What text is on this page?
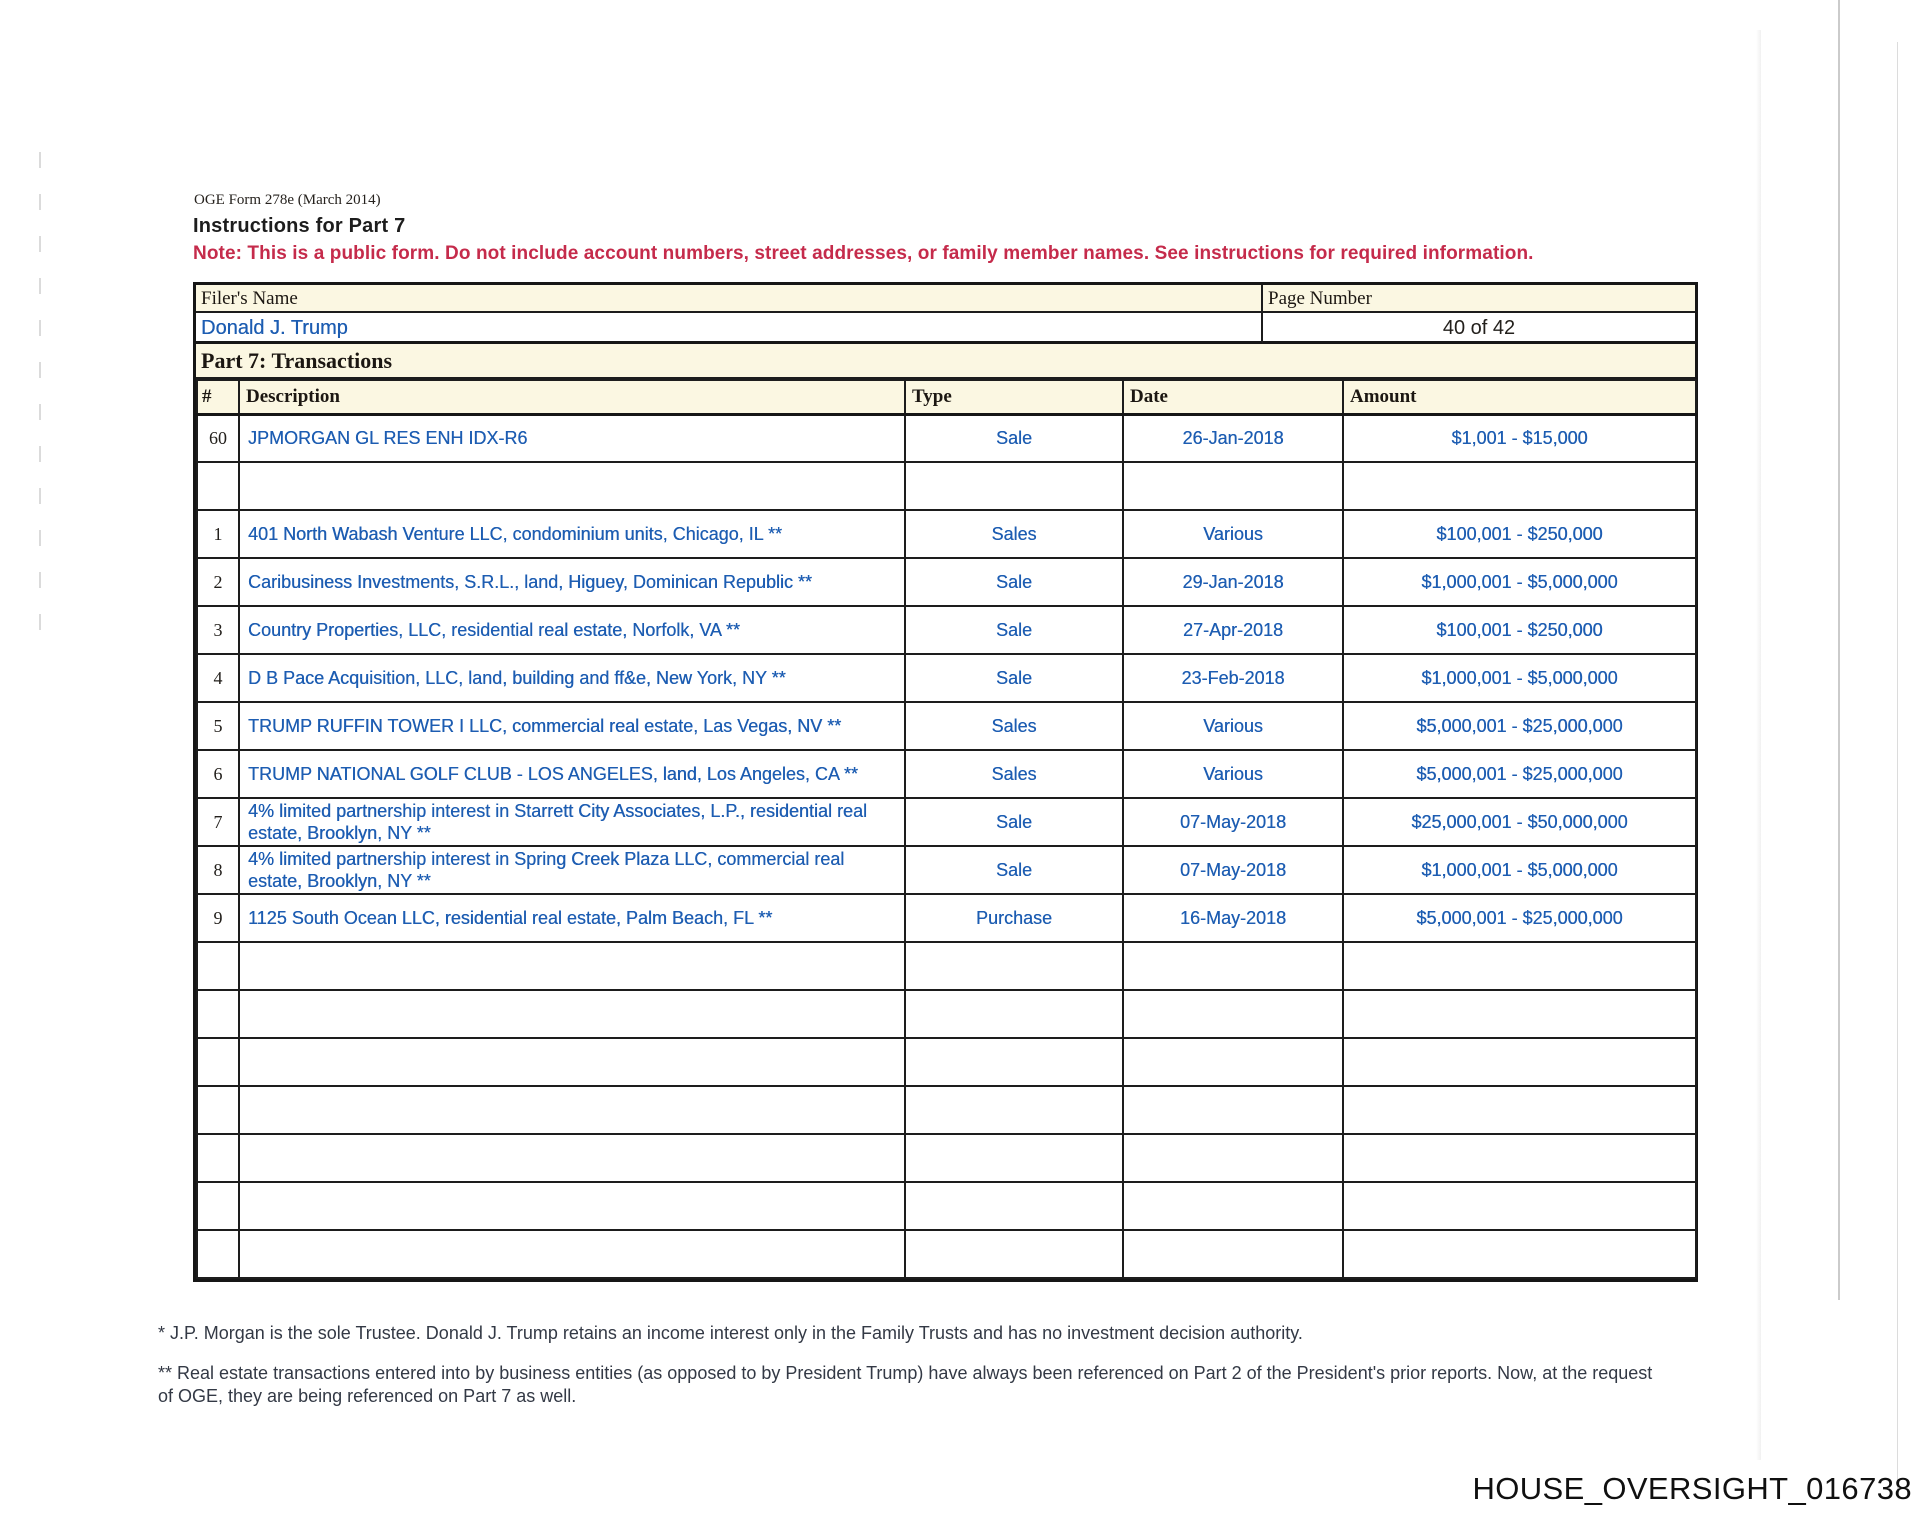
OGE Form 278e (March 2014)
Instructions for Part 7
Note: This is a public form. Do not include account numbers, street addresses, or family member names. See instructions for required information.
Filer's Name	Page Number
Donald J. Trump	40 of 42
Part 7: Transactions
#	Description	Type	Date	Amount
60	JPMORGAN GL RES ENH IDX-R6	Sale	26-Jan-2018	$1,001 - $15,000

1	401 North Wabash Venture LLC, condominium units, Chicago, IL **	Sales	Various	$100,001 - $250,000
2	Caribusiness Investments, S.R.L., land, Higuey, Dominican Republic **	Sale	29-Jan-2018	$1,000,001 - $5,000,000
3	Country Properties, LLC, residential real estate, Norfolk, VA **	Sale	27-Apr-2018	$100,001 - $250,000
4	D B Pace Acquisition, LLC, land, building and ff&e, New York, NY **	Sale	23-Feb-2018	$1,000,001 - $5,000,000
5	TRUMP RUFFIN TOWER I LLC, commercial real estate, Las Vegas, NV **	Sales	Various	$5,000,001 - $25,000,000
6	TRUMP NATIONAL GOLF CLUB - LOS ANGELES, land, Los Angeles, CA **	Sales	Various	$5,000,001 - $25,000,000
7	4% limited partnership interest in Starrett City Associates, L.P., residential real estate, Brooklyn, NY **	Sale	07-May-2018	$25,000,001 - $50,000,000
8	4% limited partnership interest in Spring Creek Plaza LLC, commercial real estate, Brooklyn, NY **	Sale	07-May-2018	$1,000,001 - $5,000,000
9	1125 South Ocean LLC, residential real estate, Palm Beach, FL **	Purchase	16-May-2018	$5,000,001 - $25,000,000

* J.P. Morgan is the sole Trustee. Donald J. Trump retains an income interest only in the Family Trusts and has no investment decision authority.
** Real estate transactions entered into by business entities (as opposed to by President Trump) have always been referenced on Part 2 of the President's prior reports. Now, at the request of OGE, they are being referenced on Part 7 as well.
HOUSE_OVERSIGHT_016738
